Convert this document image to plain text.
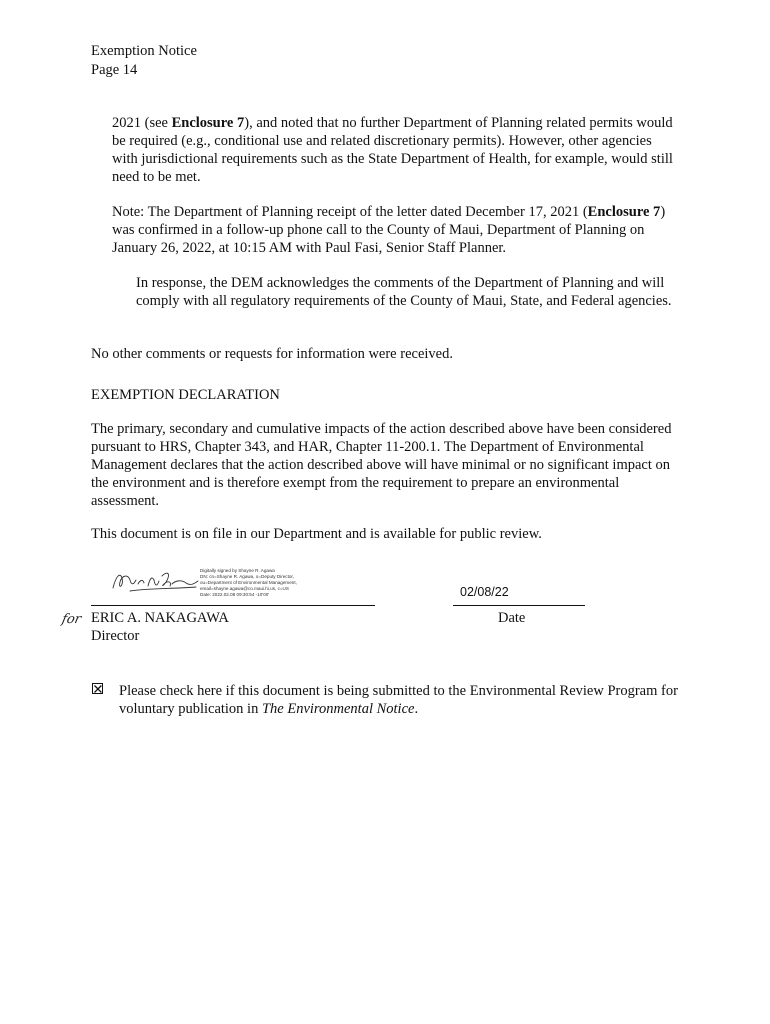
Exemption Notice
Page 14

2021 (see Enclosure 7), and noted that no further Department of Planning related permits would be required (e.g., conditional use and related discretionary permits). However, other agencies with jurisdictional requirements such as the State Department of Health, for example, would still need to be met.

Note: The Department of Planning receipt of the letter dated December 17, 2021 (Enclosure 7) was confirmed in a follow-up phone call to the County of Maui, Department of Planning on January 26, 2022, at 10:15 AM with Paul Fasi, Senior Staff Planner.

In response, the DEM acknowledges the comments of the Department of Planning and will comply with all regulatory requirements of the County of Maui, State, and Federal agencies.

No other comments or requests for information were received.

EXEMPTION DECLARATION

The primary, secondary and cumulative impacts of the action described above have been considered pursuant to HRS, Chapter 343, and HAR, Chapter 11-200.1. The Department of Environmental Management declares that the action described above will have minimal or no significant impact on the environment and is therefore exempt from the requirement to prepare an environmental assessment.

This document is on file in our Department and is available for public review.

Digitally signed by Shayne R. Agawa
DN: cn=Shayne R. Agawa, o=Deputy Director,
ou=Department of Environmental Management,
email=shayne.agawa@co.maui.hi.us, c=US
Date: 2022.02.08 09:30:54 -10'00'	02/08/22
for ERIC A. NAKAGAWA
Director
Date
Please check here if this document is being submitted to the Environmental Review Program for voluntary publication in The Environmental Notice.
